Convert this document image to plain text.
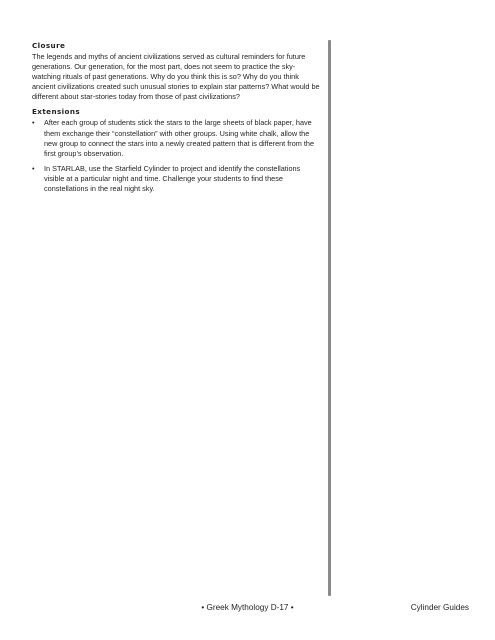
Closure

The legends and myths of ancient civilizations served as cultural reminders for future generations. Our generation, for the most part, does not seem to practice the sky-watching rituals of past generations. Why do you think this is so? Why do you think ancient civilizations created such unusual stories to explain star patterns? What would be different about star-stories today from those of past civilizations?

Extensions
• After each group of students stick the stars to the large sheets of black paper, have them exchange their “constellation” with other groups. Using white chalk, allow the new group to connect the stars into a newly created pattern that is different from the first group’s observation.
• In STARLAB, use the Starfield Cylinder to project and identify the constellations visible at a particular night and time. Challenge your students to find these constellations in the real night sky.
• Greek Mythology D-17 •	Cylinder Guides
